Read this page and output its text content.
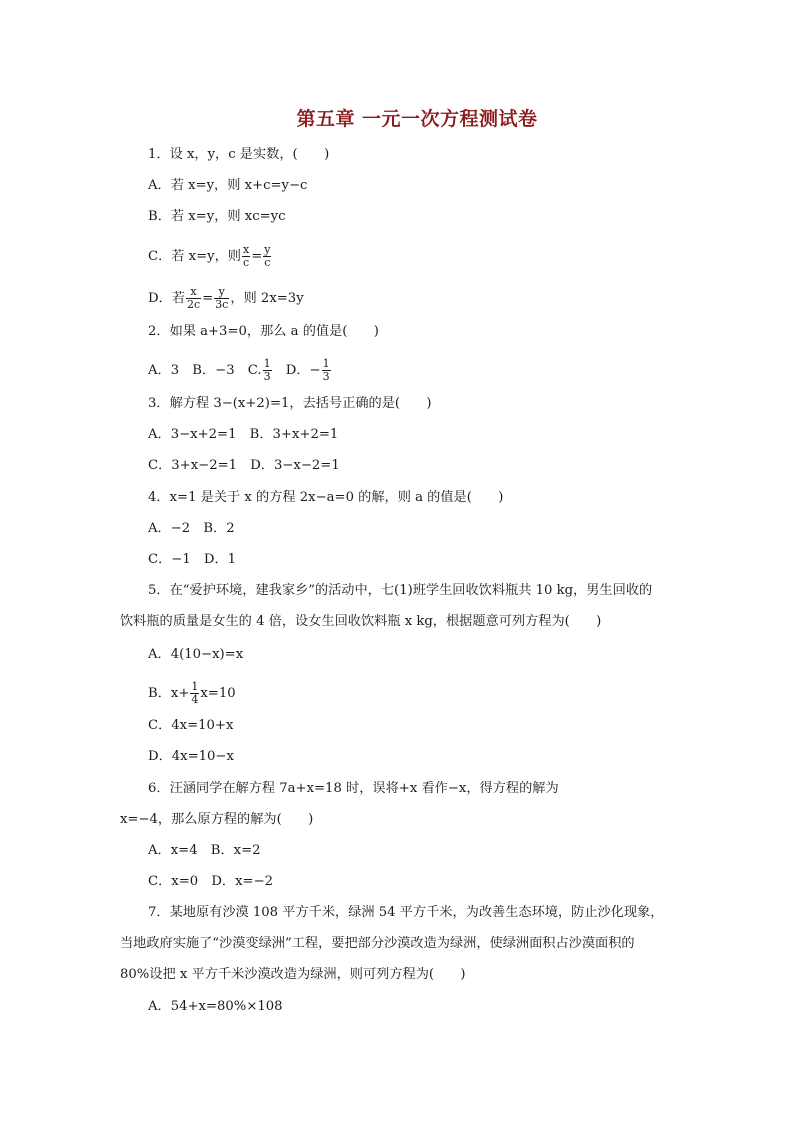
第五章 一元一次方程测试卷
1．设 x，y，c 是实数，(　　)
A．若 x=y，则 x+c=y−c
B．若 x=y，则 xc=yc
C．若 x=y，则 $\frac{x}{c} = \frac{y}{c}$
D．若 $\frac{x}{2c} = \frac{y}{3c}$ ，则 2x=3y
2．如果 a+3=0，那么 a 的值是(　　)
A．3　B．−3　C. $\frac{1}{3}$ 　D．− $\frac{1}{3}$
3．解方程 3−(x+2)=1，去括号正确的是(　　)
A．3−x+2=1　B．3+x+2=1
C．3+x−2=1　D．3−x−2=1
4．x=1 是关于 x 的方程 2x−a=0 的解，则 a 的值是(　　)
A．−2　B．2
C．−1　D．1
5．在“爱护环境，建我家乡”的活动中，七(1)班学生回收饮料瓶共 10 kg，男生回收的
饮料瓶的质量是女生的 4 倍，设女生回收饮料瓶 x kg，根据题意可列方程为(　　)
A．4(10−x)=x
B．$x+ \frac{1}{4} x=10$
C．4x=10+x
D．4x=10−x
6．汪涵同学在解方程 7a+x=18 时，误将+x 看作−x，得方程的解为
x=−4，那么原方程的解为(　　)
A．x=4　B．x=2
C．x=0　D．x=−2
7．某地原有沙漠 108 平方千米，绿洲 54 平方千米，为改善生态环境，防止沙化现象，
当地政府实施了“沙漠变绿洲”工程，要把部分沙漠改造为绿洲，使绿洲面积占沙漠面积的
80%设把 x 平方千米沙漠改造为绿洲，则可列方程为(　　)
A．54+x=80%×108
